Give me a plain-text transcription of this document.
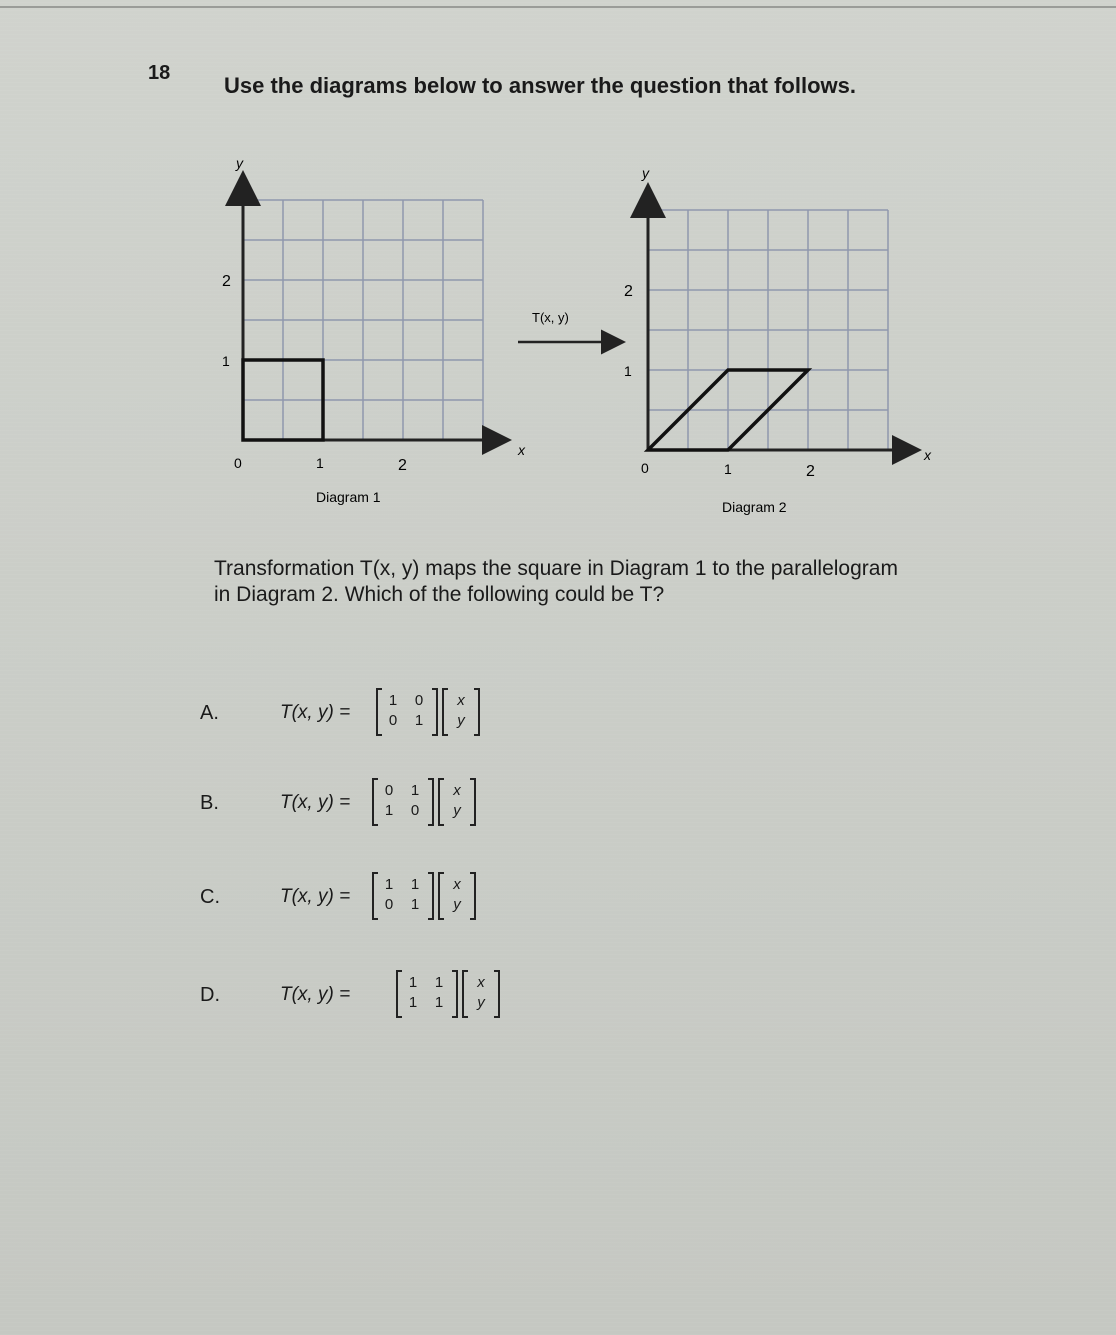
18 Use the diagrams below to answer the question that follows.
x
y
0	1	2
1
2
Diagram 1
T(x, y)
x
y
0	1	2
1
2
Diagram 2
Transformation T(x, y) maps the square in Diagram 1 to the parallelogram in Diagram 2. Which of the following could be T?
A.	T(x, y) =
1 0
0 1
x
y
B.	T(x, y) =
0 1
1 0
x
y
C.	T(x, y) =
1 1
0 1
x
y
D.	T(x, y) =
1 1
1 1
x
y
